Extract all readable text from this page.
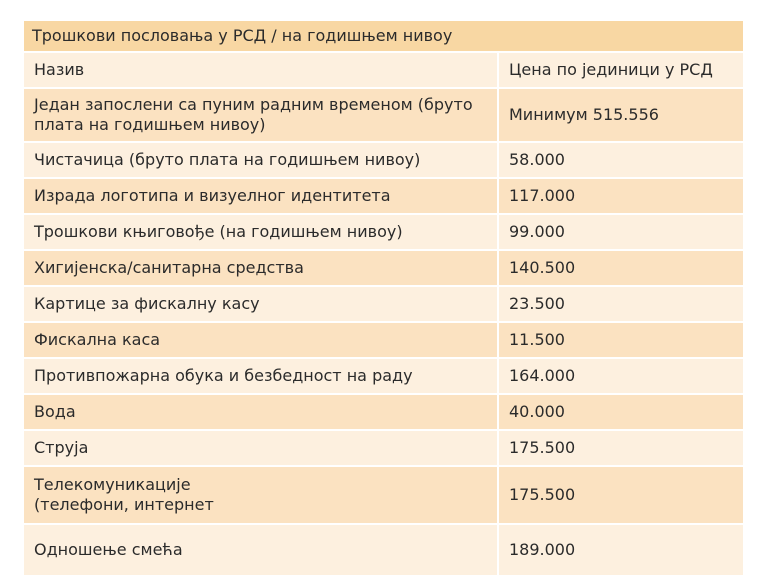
Трошкови пословања у РСД / на годишњем нивоу	
Назив	Цена по јединици у РСД

Један запослени са пуним радним временом (бруто
плата на годишњем нивоу)	Минимум 515.556
Чистачица (бруто плата на годишњем нивоу)	58.000
Израда логотипа и визуелног идентитета	117.000
Трошкови књиговође (на годишњем нивоу)	99.000
Хигијенска/санитарна средства	140.500
Картице за фискалну касу	23.500
Фискална каса	11.500
Противпожарна обука и безбедност на раду	164.000
Вода	40.000
Струја	175.500

Телекомуникације
(телефони, интернет	175.500
Одношење смећа	189.000
